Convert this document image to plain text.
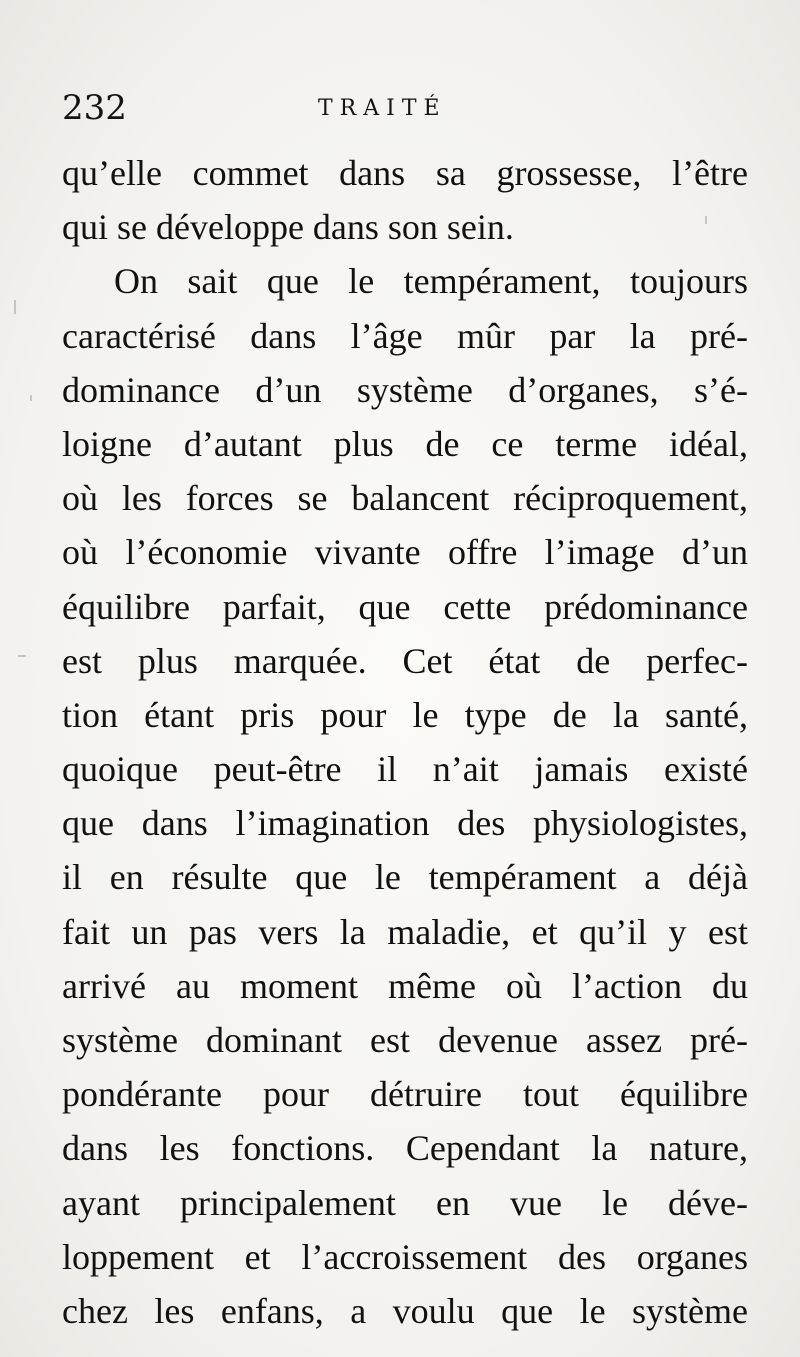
232	TRAITÉ
qu’elle commet dans sa grossesse, l’être
qui se développe dans son sein.
On sait que le tempérament, toujours
caractérisé dans l’âge mûr par la pré-
dominance d’un système d’organes, s’é-
loigne d’autant plus de ce terme idéal,
où les forces se balancent réciproquement,
où l’économie vivante offre l’image d’un
équilibre parfait, que cette prédominance
est plus marquée. Cet état de perfec-
tion étant pris pour le type de la santé,
quoique peut-être il n’ait jamais existé
que dans l’imagination des physiologistes,
il en résulte que le tempérament a déjà
fait un pas vers la maladie, et qu’il y est
arrivé au moment même où l’action du
système dominant est devenue assez pré-
pondérante pour détruire tout équilibre
dans les fonctions. Cependant la nature,
ayant principalement en vue le déve-
loppement et l’accroissement des organes
chez les enfans, a voulu que le système
